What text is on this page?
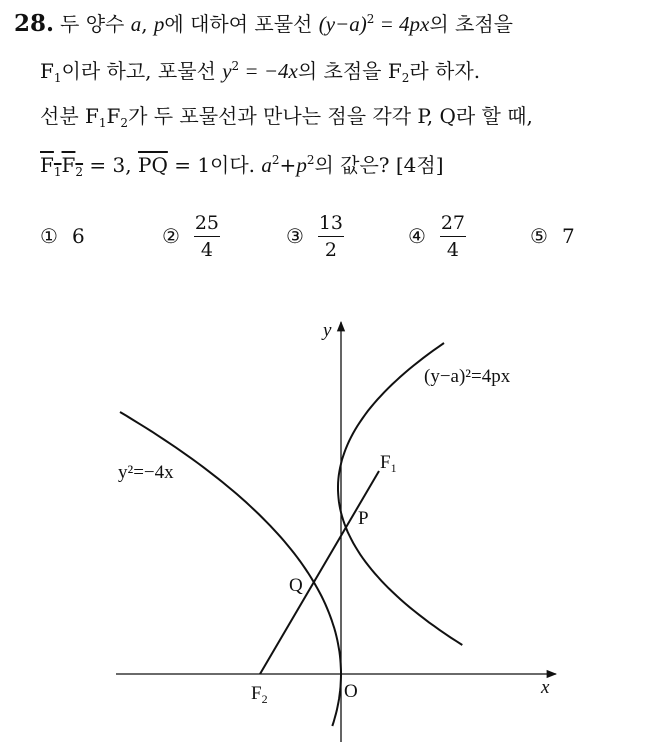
28. 두 양수 a, p에 대하여 포물선 $(y-a)^2 = 4px$의 초점을
$F_1$이라 하고, 포물선 $y^2 = -4x$의 초점을 $F_2$라 하자.
선분 $F_1F_2$가 두 포물선과 만나는 점을 각각 P, Q라 할 때,
$F_1F_2 = 3$, $\overline{PQ} = 1$이다. $a^2+p^2$의 값은? [4점]
① 6	② $\frac{25}{4}$	③ $\frac{13}{2}$	④ $\frac{27}{4}$	⑤ 7
y
x
O
(y−a)²=4px
y²=−4x	$F_1$
$F_2$
P
Q
